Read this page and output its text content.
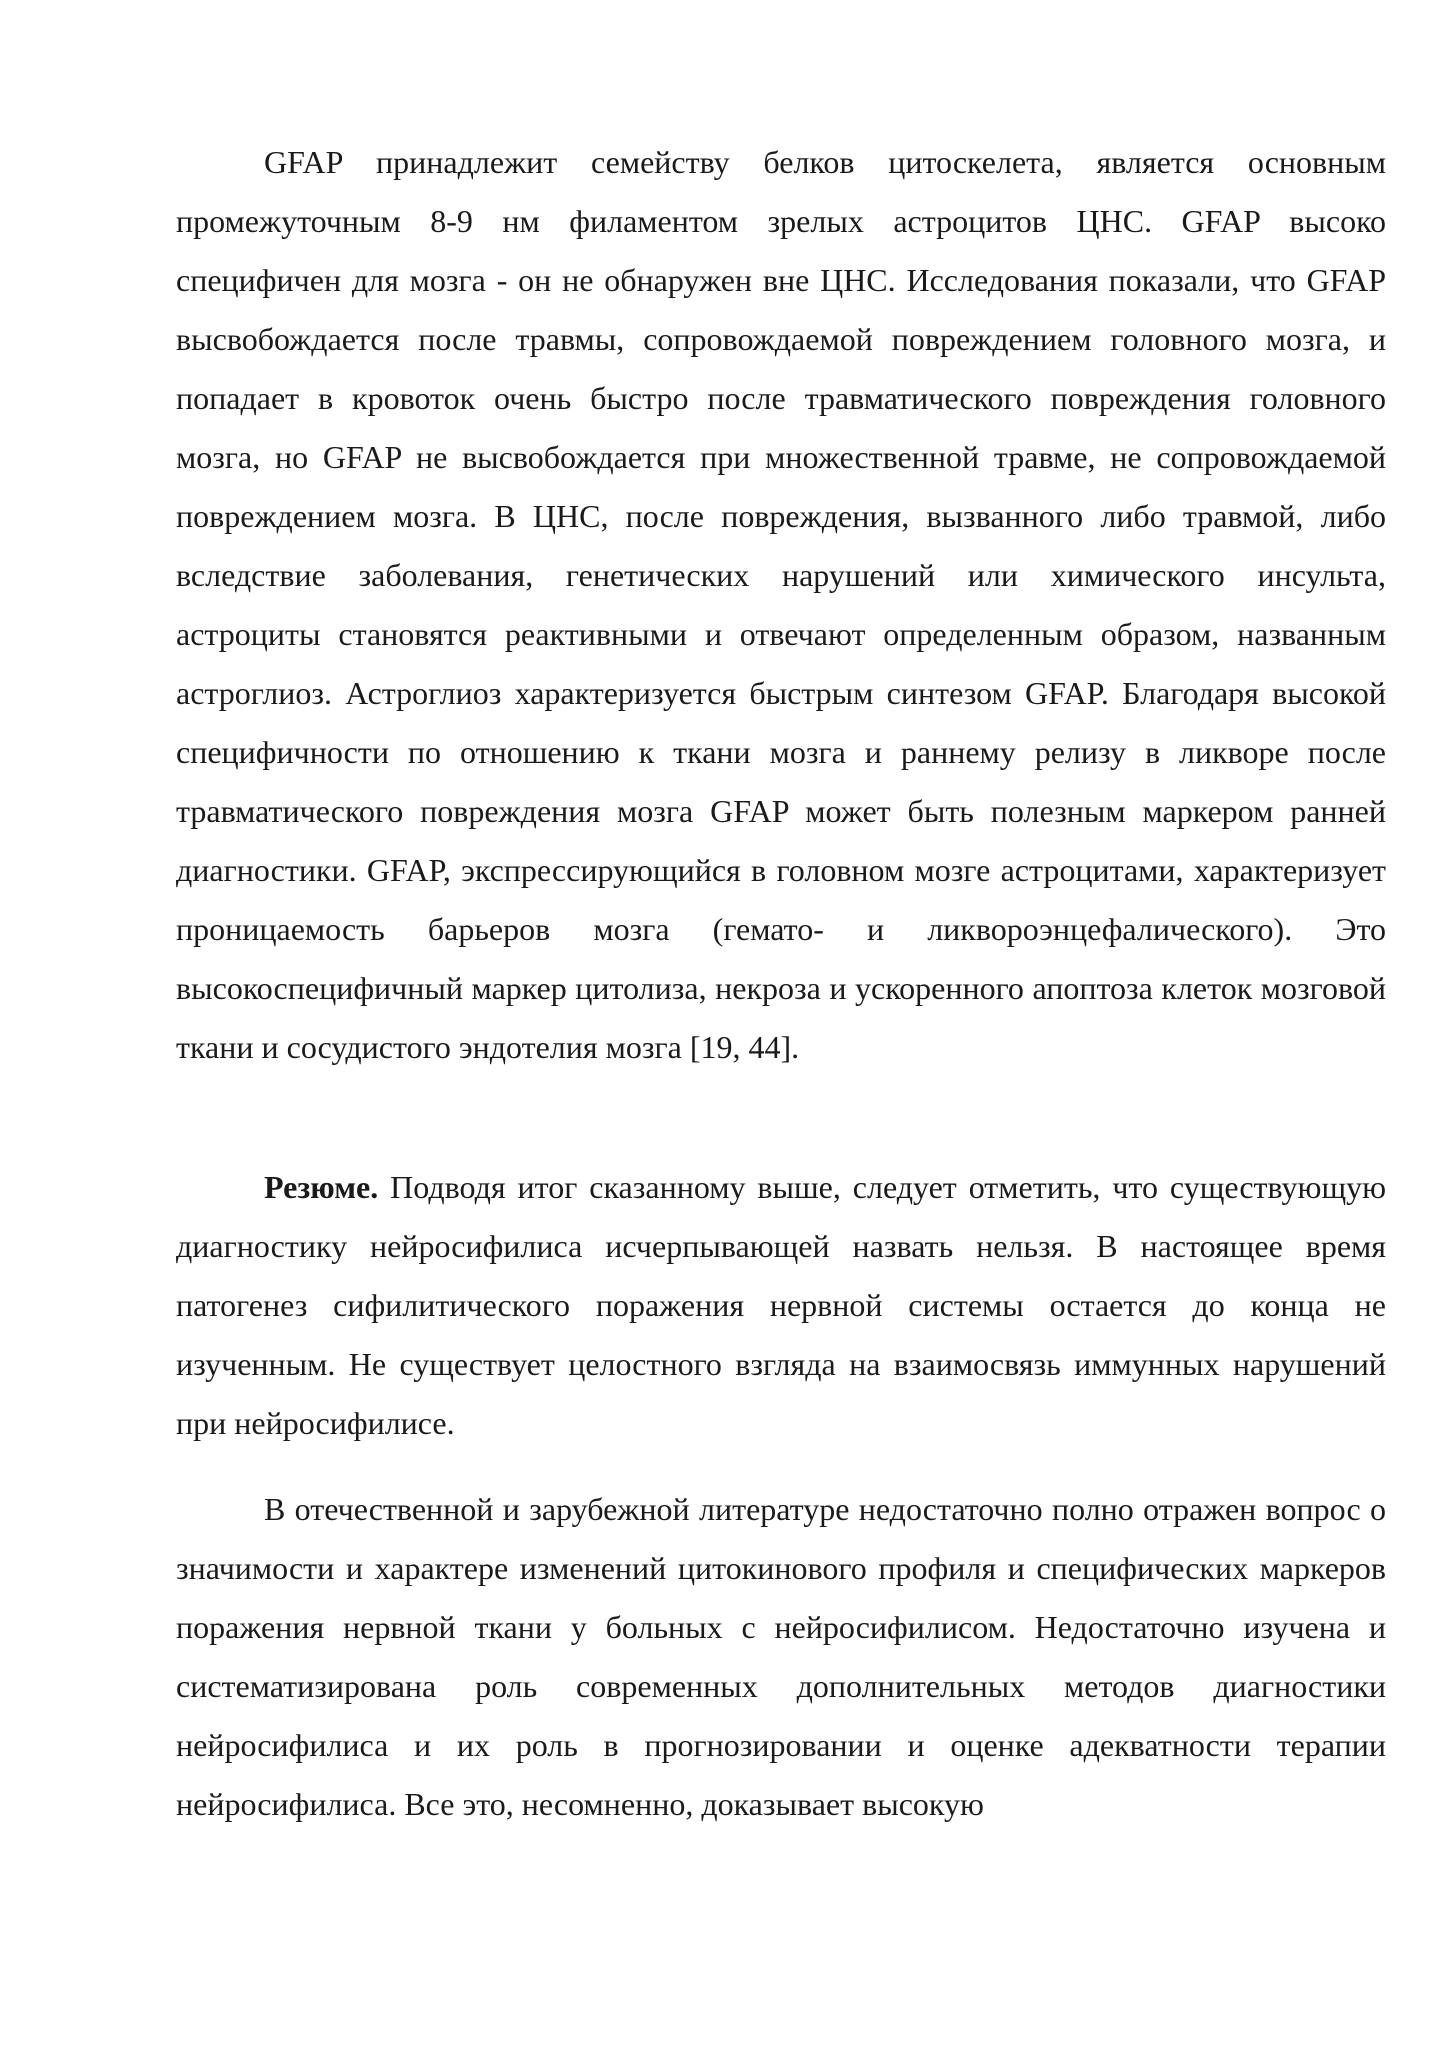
GFAP принадлежит семейству белков цитоскелета, является основным промежуточным 8-9 нм филаментом зрелых астроцитов ЦНС. GFAP высоко специфичен для мозга - он не обнаружен вне ЦНС. Исследования показали, что GFAP высвобождается после травмы, сопровождаемой повреждением головного мозга, и попадает в кровоток очень быстро после травматического повреждения головного мозга, но GFAP не высвобождается при множественной травме, не сопровождаемой повреждением мозга. В ЦНС, после повреждения, вызванного либо травмой, либо вследствие заболевания, генетических нарушений или химического инсульта, астроциты становятся реактивными и отвечают определенным образом, названным астроглиоз. Астроглиоз характеризуется быстрым синтезом GFAP. Благодаря высокой специфичности по отношению к ткани мозга и раннему релизу в ликворе после травматического повреждения мозга GFAP может быть полезным маркером ранней диагностики. GFAP, экспрессирующийся в головном мозге астроцитами, характеризует проницаемость барьеров мозга (гемато- и ликвороэнцефалического). Это высокоспецифичный маркер цитолиза, некроза и ускоренного апоптоза клеток мозговой ткани и сосудистого эндотелия мозга [19, 44].

Резюме. Подводя итог сказанному выше, следует отметить, что существующую диагностику нейросифилиса исчерпывающей назвать нельзя. В настоящее время патогенез сифилитического поражения нервной системы остается до конца не изученным. Не существует целостного взгляда на взаимосвязь иммунных нарушений при нейросифилисе.

В отечественной и зарубежной литературе недостаточно полно отражен вопрос о значимости и характере изменений цитокинового профиля и специфических маркеров поражения нервной ткани у больных с нейросифилисом. Недостаточно изучена и систематизирована роль современных дополнительных методов диагностики нейросифилиса и их роль в прогнозировании и оценке адекватности терапии нейросифилиса. Все это, несомненно, доказывает высокую
